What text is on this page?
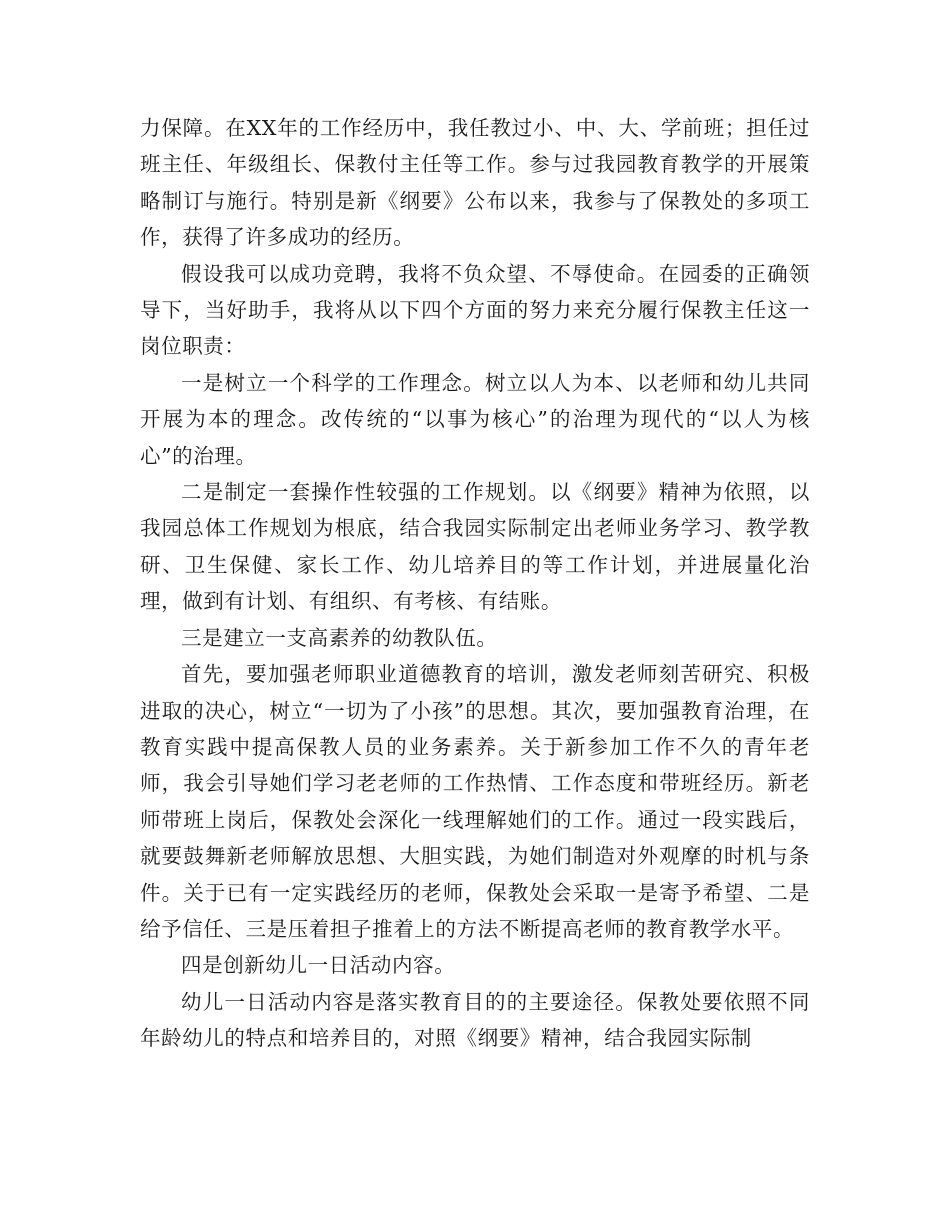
力保障。在XX年的工作经历中，我任教过小、中、大、学前班；担任过班主任、年级组长、保教付主任等工作。参与过我园教育教学的开展策略制订与施行。特别是新《纲要》公布以来，我参与了保教处的多项工作，获得了许多成功的经历。

假设我可以成功竞聘，我将不负众望、不辱使命。在园委的正确领导下，当好助手，我将从以下四个方面的努力来充分履行保教主任这一岗位职责：

一是树立一个科学的工作理念。树立以人为本、以老师和幼儿共同开展为本的理念。改传统的“以事为核心”的治理为现代的“以人为核心”的治理。

二是制定一套操作性较强的工作规划。以《纲要》精神为依照，以我园总体工作规划为根底，结合我园实际制定出老师业务学习、教学教研、卫生保健、家长工作、幼儿培养目的等工作计划，并进展量化治理，做到有计划、有组织、有考核、有结账。

三是建立一支高素养的幼教队伍。

首先，要加强老师职业道德教育的培训，激发老师刻苦研究、积极进取的决心，树立“一切为了小孩”的思想。其次，要加强教育治理，在教育实践中提高保教人员的业务素养。关于新参加工作不久的青年老师，我会引导她们学习老老师的工作热情、工作态度和带班经历。新老师带班上岗后，保教处会深化一线理解她们的工作。通过一段实践后，就要鼓舞新老师解放思想、大胆实践，为她们制造对外观摩的时机与条件。关于已有一定实践经历的老师，保教处会采取一是寄予希望、二是给予信任、三是压着担子推着上的方法不断提高老师的教育教学水平。

四是创新幼儿一日活动内容。

幼儿一日活动内容是落实教育目的的主要途径。保教处要依照不同年龄幼儿的特点和培养目的，对照《纲要》精神，结合我园实际制
